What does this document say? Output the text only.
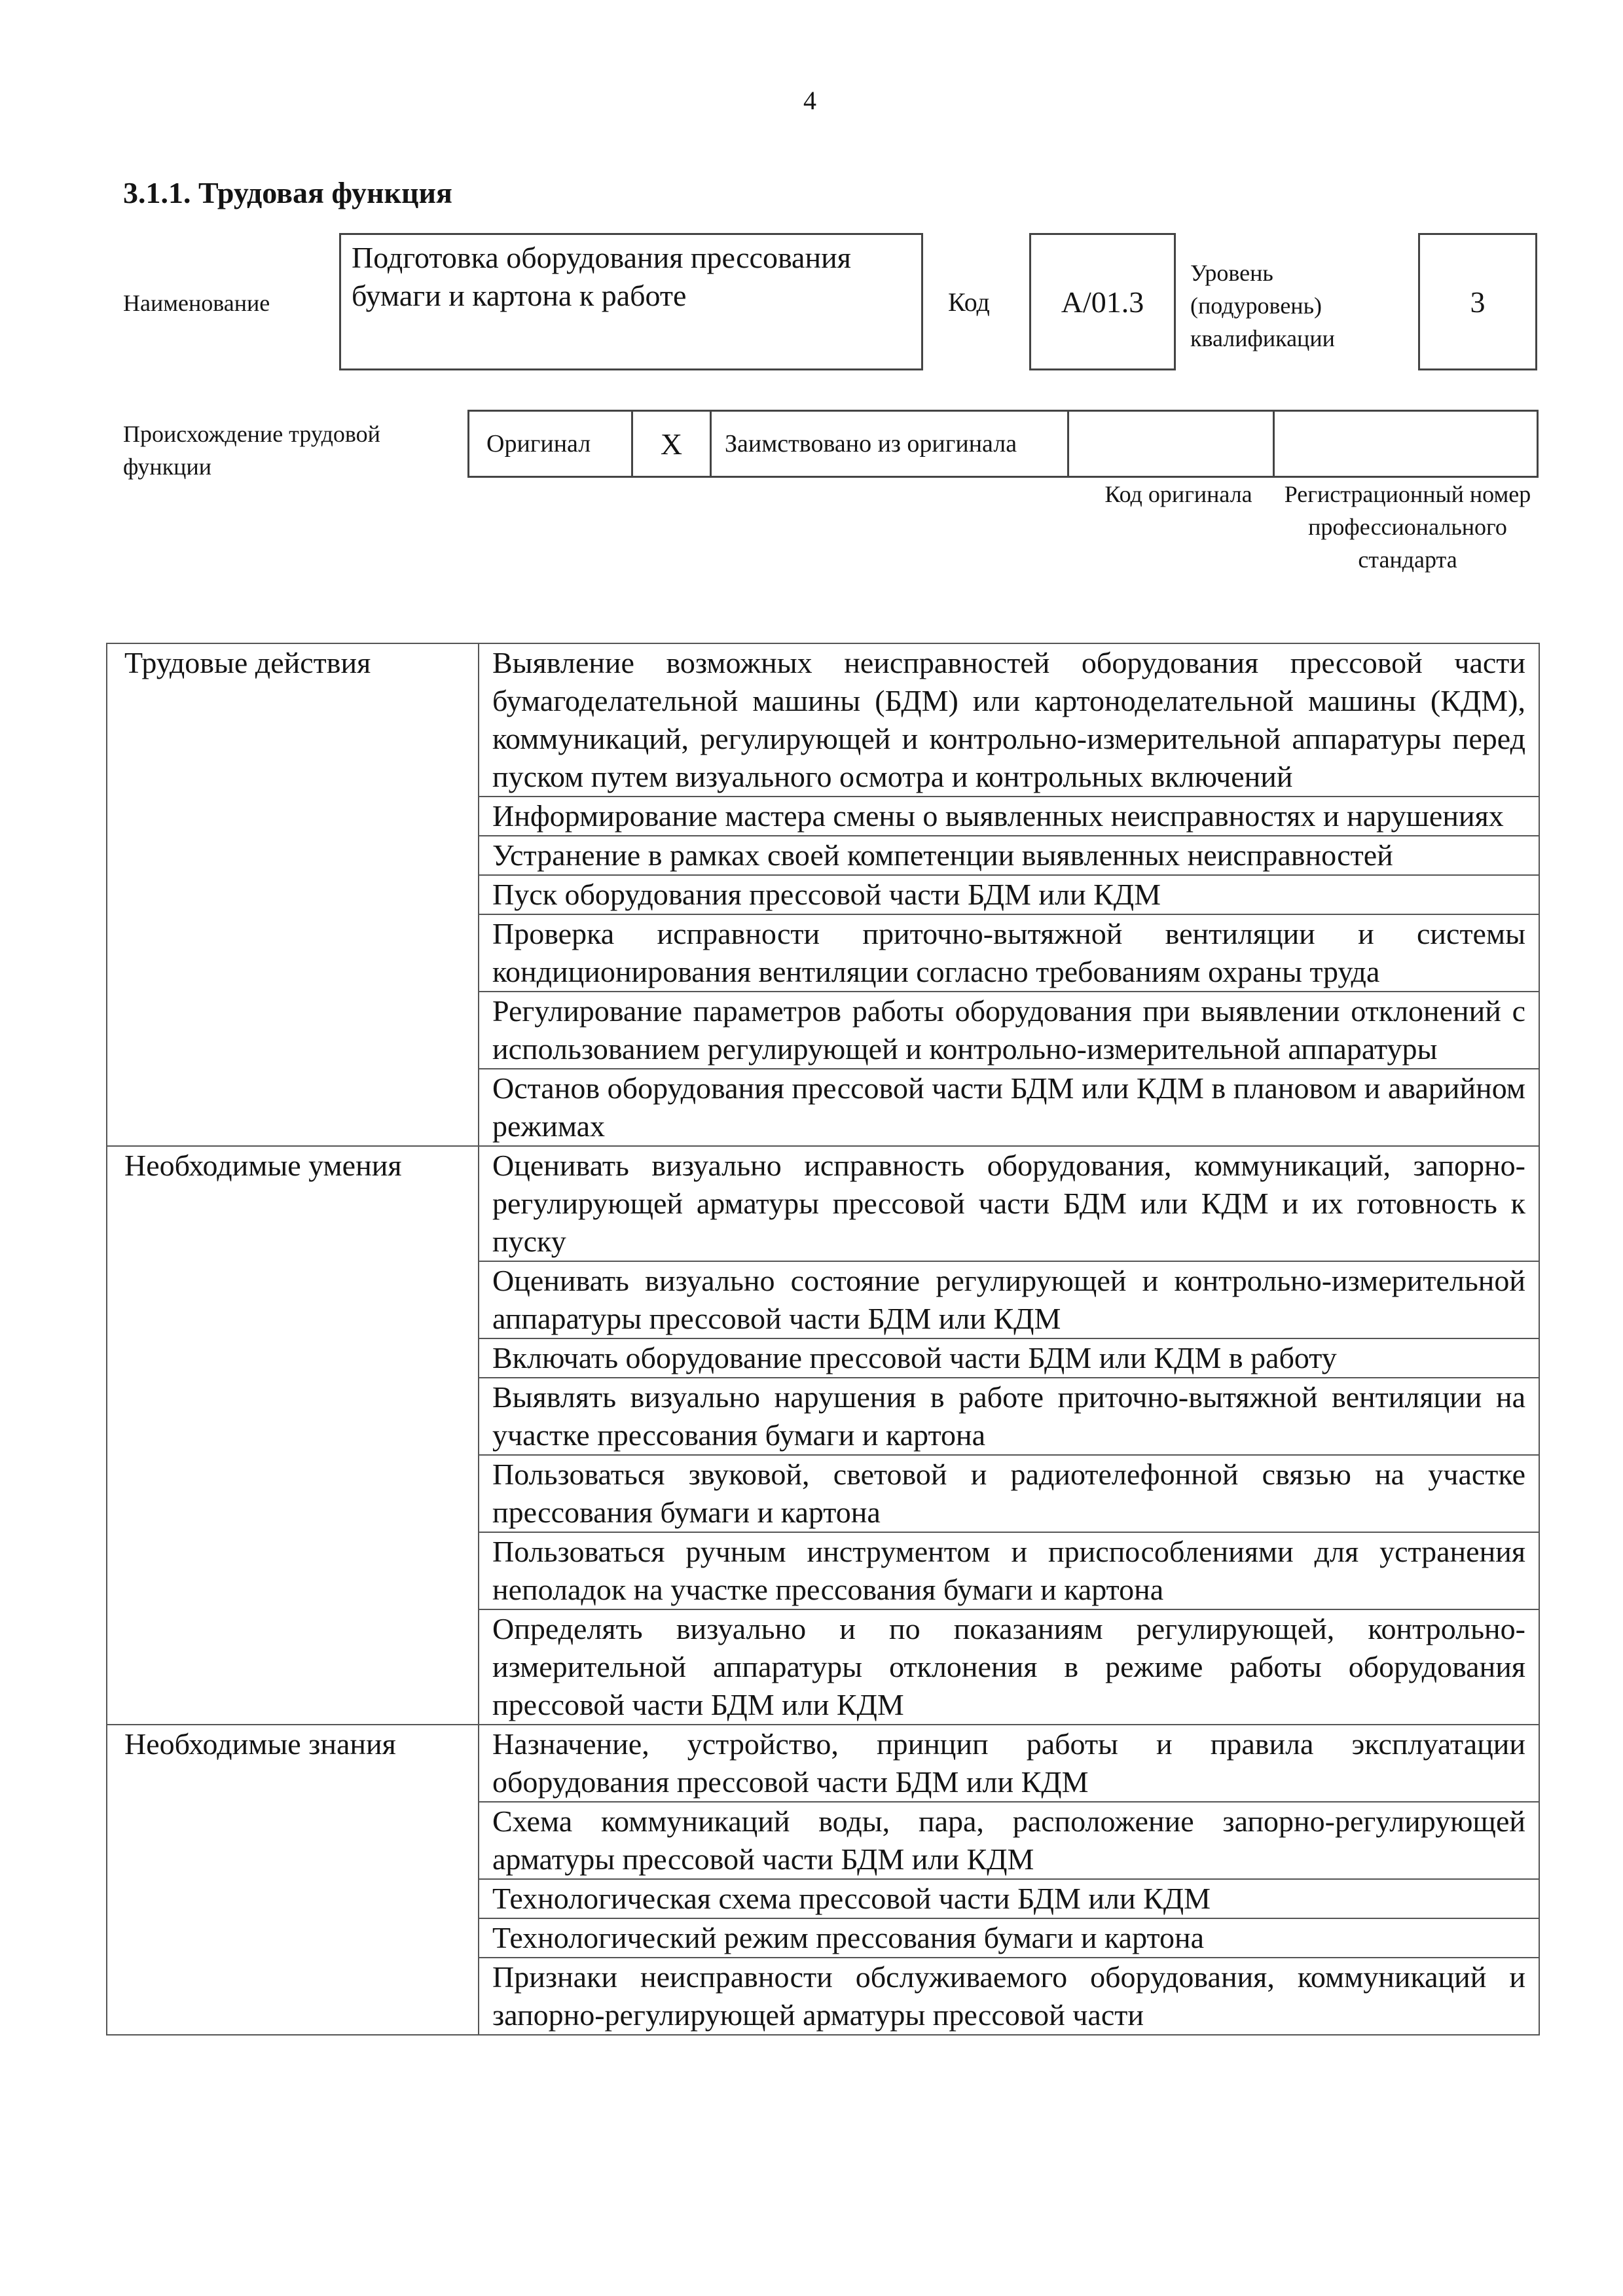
4
3.1.1. Трудовая функция
Наименование
Подготовка оборудования прессования бумаги и картона к работе	Код А/01.3
Уровень (подуровень) квалификации
3
Происхождение трудовой функции
Оригинал X Заимствовано из оригинала
Код оригинала	Регистрационный номер профессионального стандарта
Трудовые действия	Выявление возможных неисправностей оборудования прессовой части бумагоделательной машины (БДМ) или картоноделательной машины (КДМ), коммуникаций, регулирующей и контрольно-измерительной аппаратуры перед пуском путем визуального осмотра и контрольных включений
	Информирование мастера смены о выявленных неисправностях и нарушениях
	Устранение в рамках своей компетенции выявленных неисправностей
	Пуск оборудования прессовой части БДМ или КДМ
	Проверка исправности приточно-вытяжной вентиляции и системы кондиционирования вентиляции согласно требованиям охраны труда
	Регулирование параметров работы оборудования при выявлении отклонений с использованием регулирующей и контрольно-измерительной аппаратуры
	Останов оборудования прессовой части БДМ или КДМ в плановом и аварийном режимах
Необходимые умения	Оценивать визуально исправность оборудования, коммуникаций, запорно-регулирующей арматуры прессовой части БДМ или КДМ и их готовность к пуску
	Оценивать визуально состояние регулирующей и контрольно-измерительной аппаратуры прессовой части БДМ или КДМ
	Включать оборудование прессовой части БДМ или КДМ в работу
	Выявлять визуально нарушения в работе приточно-вытяжной вентиляции на участке прессования бумаги и картона
	Пользоваться звуковой, световой и радиотелефонной связью на участке прессования бумаги и картона
	Пользоваться ручным инструментом и приспособлениями для устранения неполадок на участке прессования бумаги и картона
	Определять визуально и по показаниям регулирующей, контрольно-измерительной аппаратуры отклонения в режиме работы оборудования прессовой части БДМ или КДМ
Необходимые знания	Назначение, устройство, принцип работы и правила эксплуатации оборудования прессовой части БДМ или КДМ
	Схема коммуникаций воды, пара, расположение запорно-регулирующей арматуры прессовой части БДМ или КДМ
	Технологическая схема прессовой части БДМ или КДМ
	Технологический режим прессования бумаги и картона
	Признаки неисправности обслуживаемого оборудования, коммуникаций и запорно-регулирующей арматуры прессовой части
